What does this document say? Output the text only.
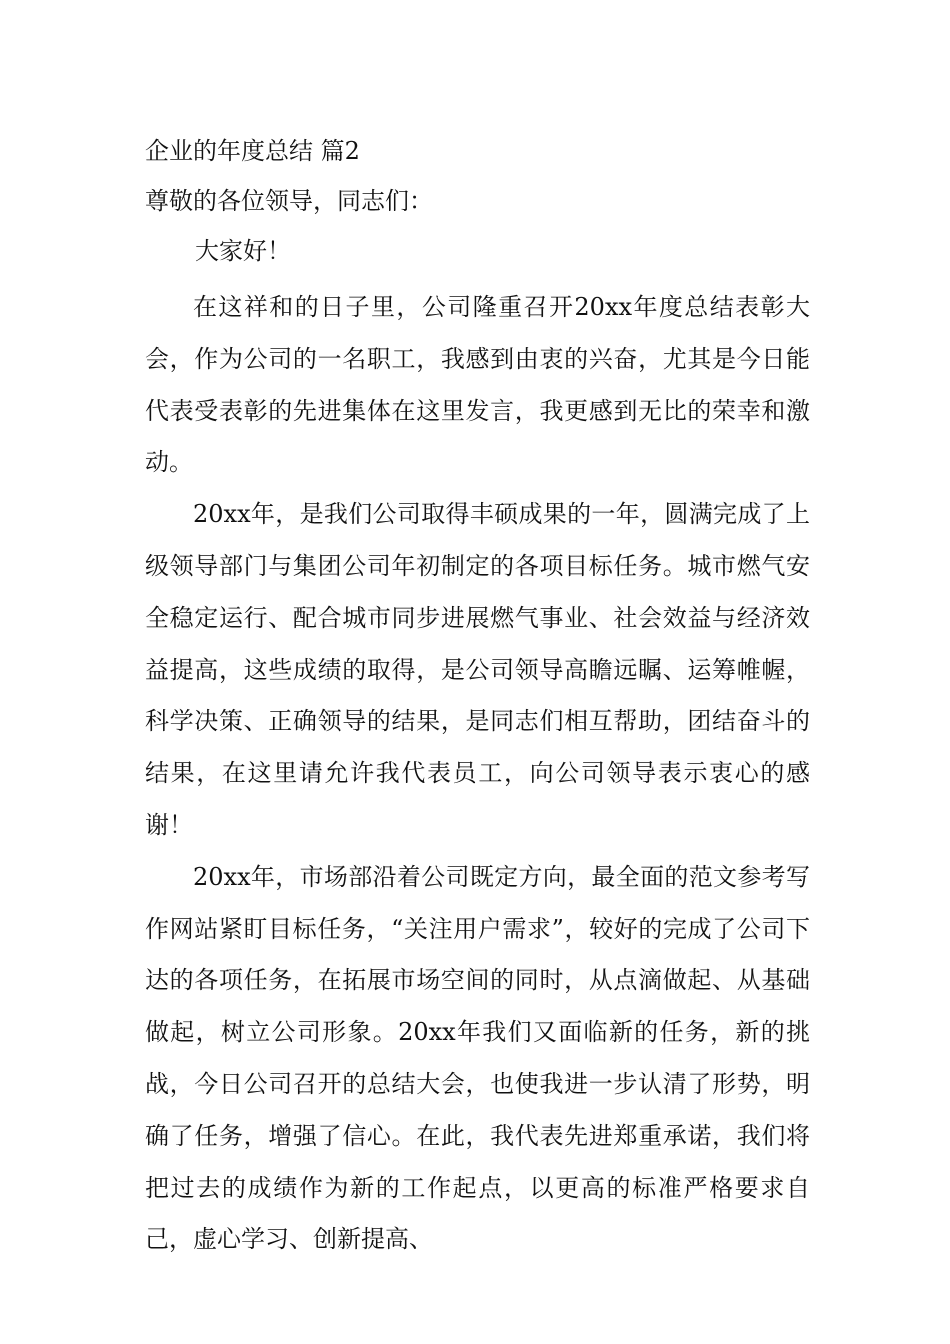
企业的年度总结 篇2
尊敬的各位领导，同志们：
大家好！

在这祥和的日子里，公司隆重召开20xx年度总结表彰大会，作为公司的一名职工，我感到由衷的兴奋，尤其是今日能代表受表彰的先进集体在这里发言，我更感到无比的荣幸和激动。

20xx年，是我们公司取得丰硕成果的一年，圆满完成了上级领导部门与集团公司年初制定的各项目标任务。城市燃气安全稳定运行、配合城市同步进展燃气事业、社会效益与经济效益提高，这些成绩的取得，是公司领导高瞻远瞩、运筹帷幄，科学决策、正确领导的结果，是同志们相互帮助，团结奋斗的结果，在这里请允许我代表员工，向公司领导表示衷心的感谢！

20xx年，市场部沿着公司既定方向，最全面的范文参考写作网站紧盯目标任务，“关注用户需求”，较好的完成了公司下达的各项任务，在拓展市场空间的同时，从点滴做起、从基础做起，树立公司形象。20xx年我们又面临新的任务，新的挑战，今日公司召开的总结大会，也使我进一步认清了形势，明确了任务，增强了信心。在此，我代表先进郑重承诺，我们将把过去的成绩作为新的工作起点，以更高的标准严格要求自己，虚心学习、创新提高、
